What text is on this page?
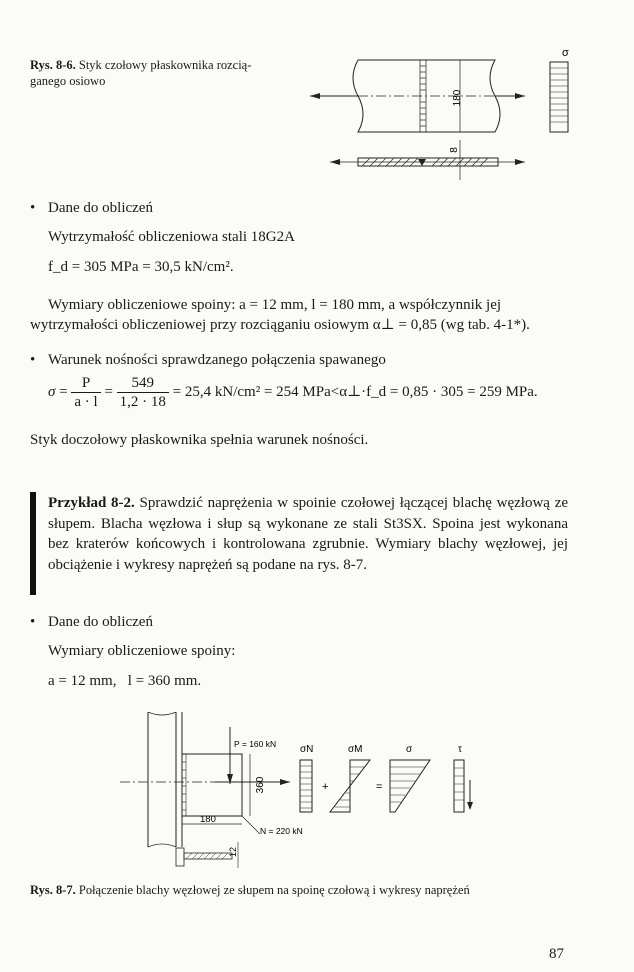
Rys. 8-6. Styk czołowy płaskownika rozcią-
ganego osiowo
180
σ
8
• Dane do obliczeń
Wytrzymałość obliczeniowa stali 18G2A
f_d = 305 MPa = 30,5 kN/cm².
Wymiary obliczeniowe spoiny: a = 12 mm, l = 180 mm, a współczynnik jej
wytrzymałości obliczeniowej przy rozciąganiu osiowym α⊥ = 0,85 (wg tab. 4-1*).
• Warunek nośności sprawdzanego połączenia spawanego
$\sigma = \frac{P}{a \cdot l} = \frac{549}{1,2 \cdot 18} = 25,4$ kN/cm² = 254 MPa<α⊥·f_d = 0,85 · 305 = 259 MPa.
Styk doczołowy płaskownika spełnia warunek nośności.
Przykład 8-2. Sprawdzić naprężenia w spoinie czołowej łączącej blachę węzłową ze słupem. Blacha węzłowa i słup są wykonane ze stali St3SX. Spoina jest wykonana bez kraterów końcowych i kontrolowana zgrubnie. Wymiary blachy węzłowej, jej obciążenie i wykresy naprężeń są podane na rys. 8-7.
• Dane do obliczeń
Wymiary obliczeniowe spoiny:
a = 12 mm,   l = 360 mm.
P = 160 kN
N = 220 kN
360
180
12
σN
+
σM
=
σ	τ
Rys. 8-7. Połączenie blachy węzłowej ze słupem na spoinę czołową i wykresy naprężeń
87
